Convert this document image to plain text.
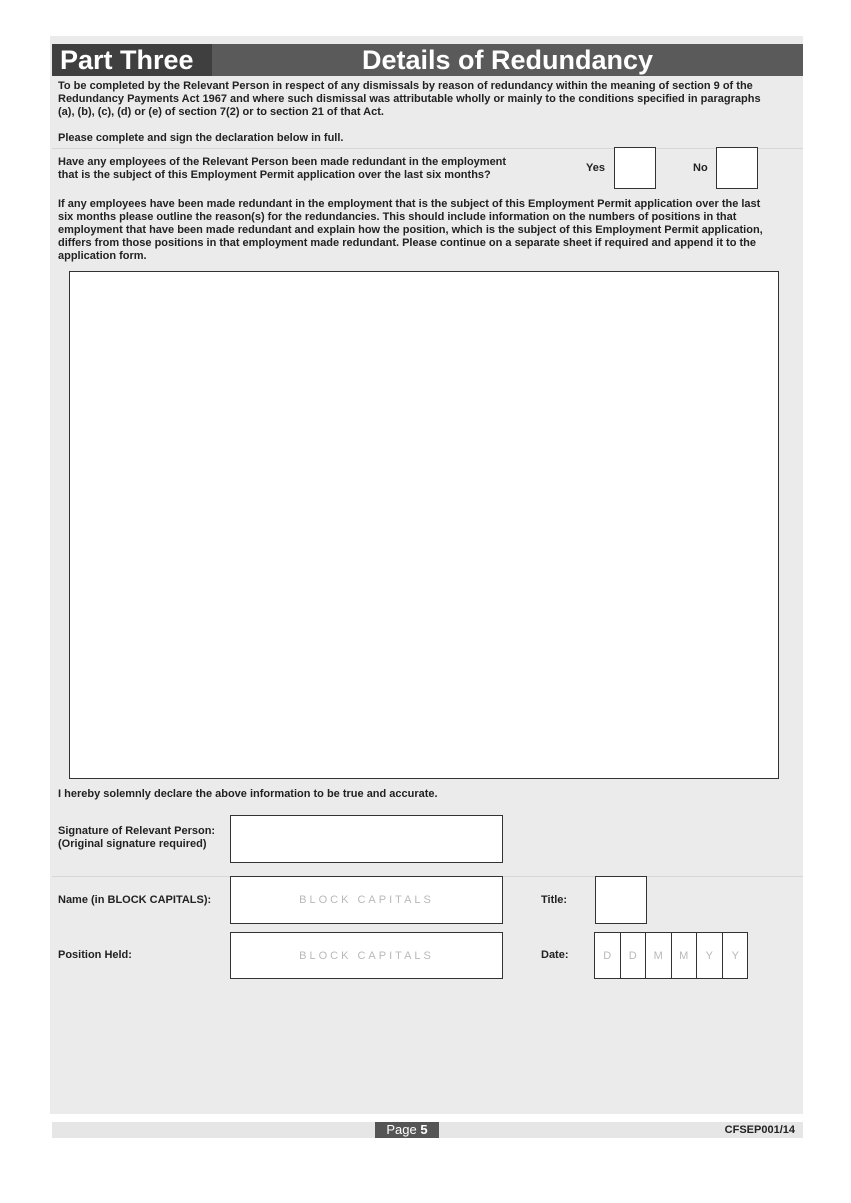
Part Three	Details of Redundancy
To be completed by the Relevant Person in respect of any dismissals by reason of redundancy within the meaning of section 9 of the
Redundancy Payments Act 1967 and where such dismissal was attributable wholly or mainly to the conditions specified in paragraphs
(a), (b), (c), (d) or (e) of section 7(2) or to section 21 of that Act.
Please complete and sign the declaration below in full.
Have any employees of the Relevant Person been made redundant in the employment
that is the subject of this Employment Permit application over the last six months?
Yes	No
If any employees have been made redundant in the employment that is the subject of this Employment Permit application over the last
six months please outline the reason(s) for the redundancies. This should include information on the numbers of positions in that
employment that have been made redundant and explain how the position, which is the subject of this Employment Permit application,
differs from those positions in that employment made redundant. Please continue on a separate sheet if required and append it to the
application form.
I hereby solemnly declare the above information to be true and accurate.
Signature of Relevant Person:
(Original signature required)
Name (in BLOCK CAPITALS):	BLOCK CAPITALS	Title:
Position Held:	BLOCK CAPITALS	Date:	D	D	M	M	Y	Y
Page 5	CFSEP001/14
